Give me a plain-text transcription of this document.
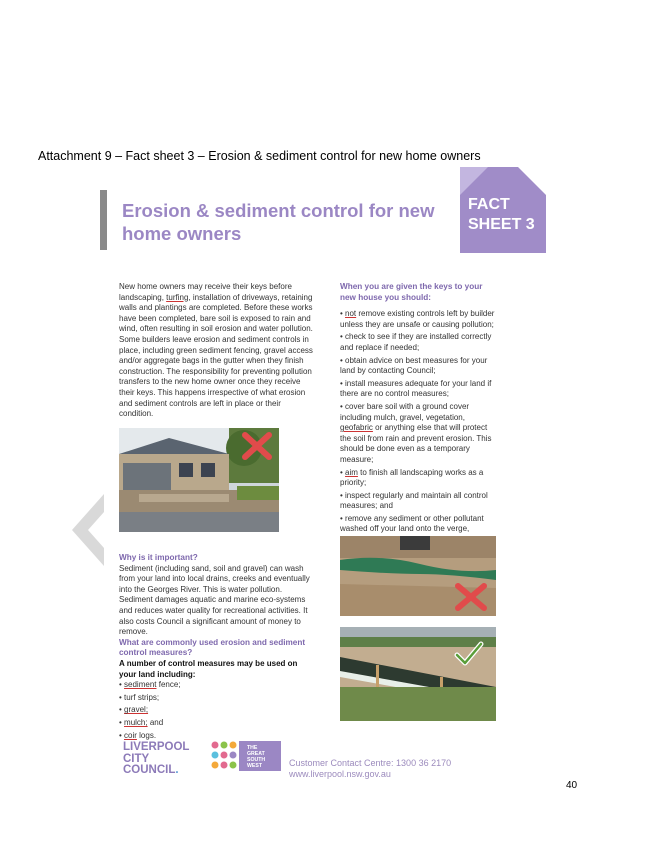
Attachment 9 – Fact sheet 3 – Erosion & sediment control for new home owners
Erosion & sediment control for new
home owners
FACT
SHEET 3

New home owners may receive their keys before landscaping, turfing, installation of driveways, retaining walls and plantings are completed. Before these works have been completed, bare soil is exposed to rain and wind, often resulting in soil erosion and water pollution.

Some builders leave erosion and sediment controls in place, including green sediment fencing, gravel access and/or aggregate bags in the gutter when they finish construction. The responsibility for preventing pollution transfers to the new home owner once they receive their keys. This happens irrespective of what erosion and sediment controls are left in place or their condition.

Why is it important?

Sediment (including sand, soil and gravel) can wash from your land into local drains, creeks and eventually into the Georges River. This is water pollution. Sediment damages aquatic and marine eco-systems and reduces water quality for recreational activities. It also costs Council a significant amount of money to remove.

What are commonly used erosion and sediment control measures?

A number of control measures may be used on your land including:

• sediment fence;
• turf strips;
• gravel;
• mulch; and
• coir logs.

When you are given the keys to your new house you should:

• not remove existing controls left by builder unless they are unsafe or causing pollution;
• check to see if they are installed correctly and replace if needed;
• obtain advice on best measures for your land by contacting Council;
• install measures adequate for your land if there are no control measures;
• cover bare soil with a ground cover including mulch, gravel, vegetation, geofabric or anything else that will protect the soil from rain and prevent erosion. This should be done even as a temporary measure;
• aim to finish all landscaping works as a priority;
• inspect regularly and maintain all control measures; and
• remove any sediment or other pollutant washed off your land onto the verge,
LIVERPOOL
CITY
COUNCIL.
THE
GREAT
SOUTH
WEST	Customer Contact Centre: 1300 36 2170
www.liverpool.nsw.gov.au
40
